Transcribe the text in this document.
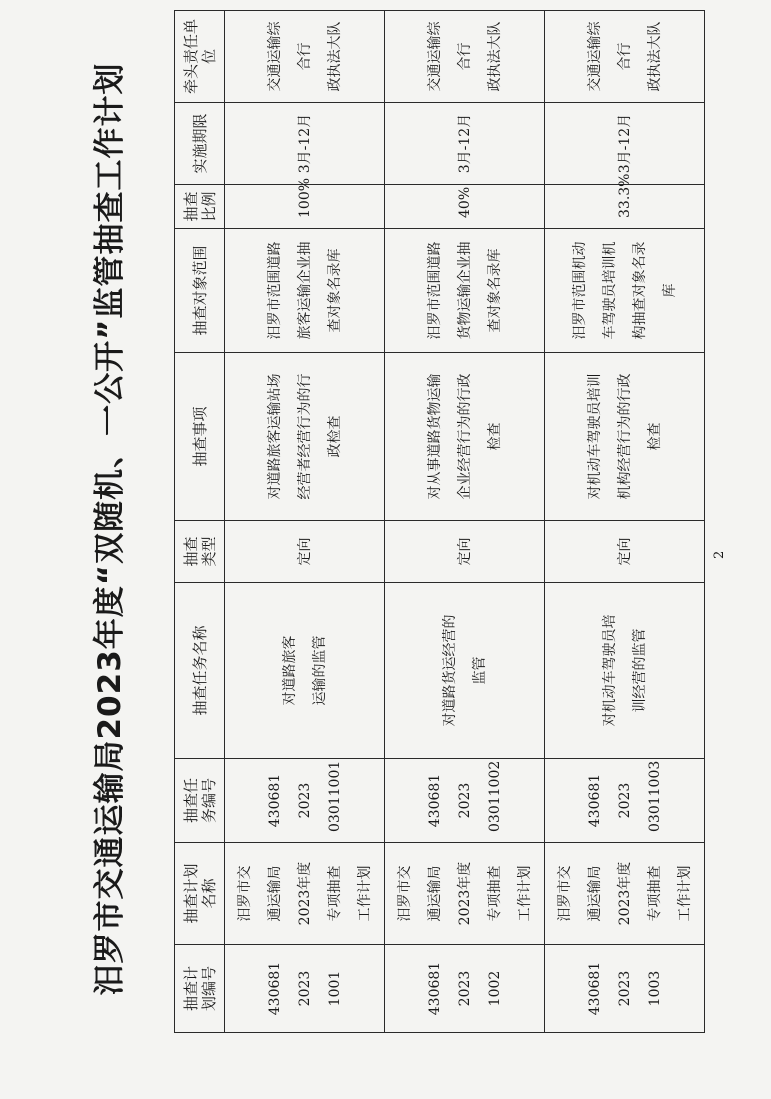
汨罗市交通运输局2023年度“双随机、一公开”监管抽查工作计划	抽查计
划编号	抽查计划
名称	抽查任
务编号	抽查任务名称	抽查
类型	抽查事项	抽查对象范围	抽查
比例	实施期限	牵头责任单位
430681
2023
1001	汨罗市交
通运输局
2023年度
专项抽查
工作计划	430681
2023
03011001	对道路旅客
运输的监管	定向	对道路旅客运输站场
经营者经营行为的行
政检查	汨罗市范围道路
旅客运输企业抽
查对象名录库	100%	3月-12月	交通运输综合行
政执法大队
430681
2023
1002	汨罗市交
通运输局
2023年度
专项抽查
工作计划	430681
2023
03011002	对道路货运经营的
监管	定向	对从事道路货物运输
企业经营行为的行政
检查	汨罗市范围道路
货物运输企业抽
查对象名录库	40%	3月-12月	交通运输综合行
政执法大队
430681
2023
1003	汨罗市交
通运输局
2023年度
专项抽查
工作计划	430681
2023
03011003	对机动车驾驶员培
训经营的监管	定向	对机动车驾驶员培训
机构经营行为的行政
检查	汨罗市范围机动
车驾驶员培训机
构抽查对象名录
库	33.3%	3月-12月	交通运输综合行
政执法大队

2
